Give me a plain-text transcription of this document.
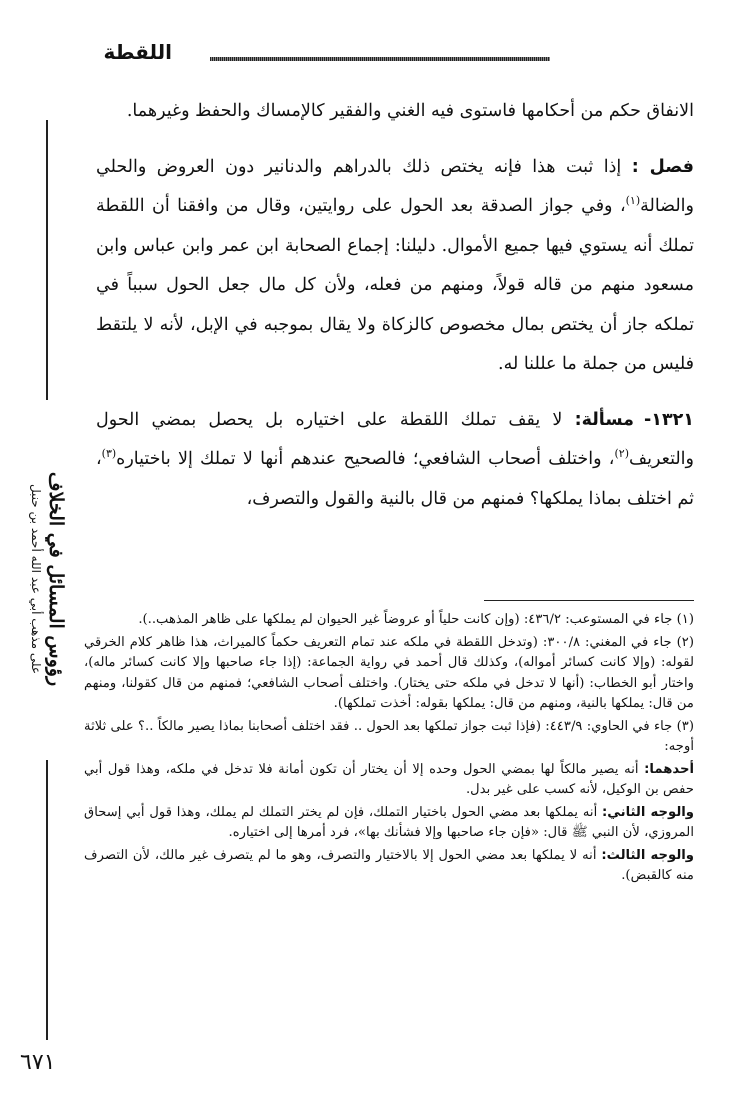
اللقطة
رؤوس المسائل في الخلاف
على مذهب أبي عبد الله أحمد بن حنبل

الانفاق حكم من أحكامها فاستوى فيه الغني والفقير كالإمساك والحفظ وغيرهما.

فصل : إذا ثبت هذا فإنه يختص ذلك بالدراهم والدنانير دون العروض والحلي والضالة$^{(١)}$، وفي جواز الصدقة بعد الحول على روايتين، وقال من وافقنا أن اللقطة تملك أنه يستوي فيها جميع الأموال. دليلنا: إجماع الصحابة ابن عمر وابن عباس وابن مسعود منهم من قاله قولاً، ومنهم من فعله، ولأن كل مال جعل الحول سبباً في تملكه جاز أن يختص بمال مخصوص كالزكاة ولا يقال بموجبه في الإبل، لأنه لا يلتقط فليس من جملة ما عللنا له.

١٣٢١-مسألة: لا يقف تملك اللقطة على اختياره بل يحصل بمضي الحول والتعريف$^{(٢)}$، واختلف أصحاب الشافعي؛ فالصحيح عندهم أنها لا تملك إلا باختياره$^{(٣)}$، ثم اختلف بماذا يملكها؟ فمنهم من قال بالنية والقول والتصرف،

(١) جاء في المستوعب: ٤٣٦/٢: (وإن كانت حلياً أو عروضاً غير الحيوان لم يملكها على ظاهر المذهب..).

(٢) جاء في المغني: ٣٠٠/٨: (وتدخل اللقطة في ملكه عند تمام التعريف حكماً كالميراث، هذا ظاهر كلام الخرقي لقوله: (وإلا كانت كسائر أمواله)، وكذلك قال أحمد في رواية الجماعة: (إذا جاء صاحبها وإلا كانت كسائر ماله)، واختار أبو الخطاب: (أنها لا تدخل في ملكه حتى يختار). واختلف أصحاب الشافعي؛ فمنهم من قال كقولنا، ومنهم من قال: يملكها بالنية، ومنهم من قال: يملكها بقوله: أخذت تملكها).

(٣) جاء في الحاوي: ٤٤٣/٩: (فإذا ثبت جواز تملكها بعد الحول .. فقد اختلف أصحابنا بماذا يصير مالكاً ..؟ على ثلاثة أوجه:

أحدهما: أنه يصير مالكاً لها بمضي الحول وحده إلا أن يختار أن تكون أمانة فلا تدخل في ملكه، وهذا قول أبي حفص بن الوكيل، لأنه كسب على غير بدل.

والوجه الثاني: أنه يملكها بعد مضي الحول باختيار التملك، فإن لم يختر التملك لم يملك، وهذا قول أبي إسحاق المروزي، لأن النبي ﷺ قال: «فإن جاء صاحبها وإلا فشأنك بها»، فرد أمرها إلى اختياره.

والوجه الثالث: أنه لا يملكها بعد مضي الحول إلا بالاختيار والتصرف، وهو ما لم يتصرف غير مالك، لأن التصرف منه كالقبض).

٦٧١
